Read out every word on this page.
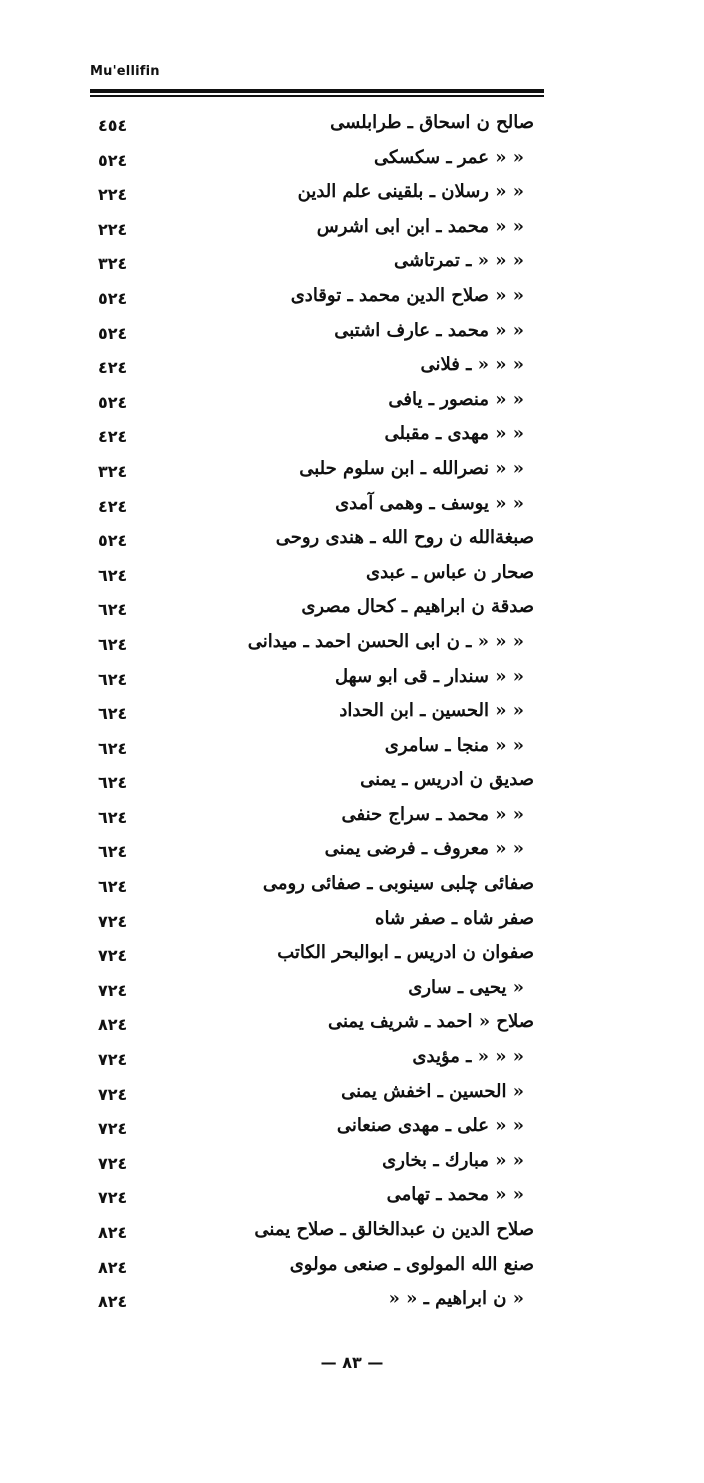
Mu'ellifin
صالح ن اسحاق ـ طرابلسی
٤٥٤
« « عمر ـ سکسکی
٤٢٥
« « رسلان ـ بلقینی علم الدین
٤٢٢
« « محمد ـ ابن ابی اشرس
٤٢٢
« « « ـ تمرتاشی
٤٢٣
« « صلاح الدین محمد ـ توقادی
٤٢٥
« « محمد ـ عارف اشتبی
٤٢٥
« « « ـ فلانی
٤٢٤
« « منصور ـ یافی
٤٢٥
« « مهدی ـ مقبلی
٤٢٤
« « نصرالله ـ ابن سلوم حلبی
٤٢٣
« « یوسف ـ وهمی آمدی
٤٢٤
صبغةالله ن روح الله ـ هندی روحی
٤٢٥
صحار ن عباس ـ عبدی
٤٢٦
صدقة ن ابراهیم ـ کحال مصری
٤٢٦
« « « ـ ن ابی الحسن احمد ـ میدانی
٤٢٦
« « سندار ـ قی ابو سهل
٤٢٦
« « الحسین ـ ابن الحداد
٤٢٦
« « منجا ـ سامری
٤٢٦
صدیق ن ادریس ـ یمنی
٤٢٦
« « محمد ـ سراج حنفی
٤٢٦
« « معروف ـ فرضی یمنی
٤٢٦
صفائی چلبی سینوبی ـ صفائی رومی
٤٢٦
صفر شاه ـ صفر شاه
٤٢٧
صفوان ن ادریس ـ ابوالبحر الکاتب
٤٢٧
« یحیی ـ ساری
٤٢٧
صلاح « احمد ـ شریف یمنی
٤٢٨
« « « ـ مؤیدی
٤٢٧
« الحسین ـ اخفش یمنی
٤٢٧
« « علی ـ مهدی صنعانی
٤٢٧
« « مبارك ـ بخاری
٤٢٧
« « محمد ـ تهامی
٤٢٧
صلاح الدین ن عبدالخالق ـ صلاح یمنی
٤٢٨
صنع الله المولوی ـ صنعی مولوی
٤٢٨
« ن ابراهیم ـ « «
٤٢٨
— ٨٣ —
